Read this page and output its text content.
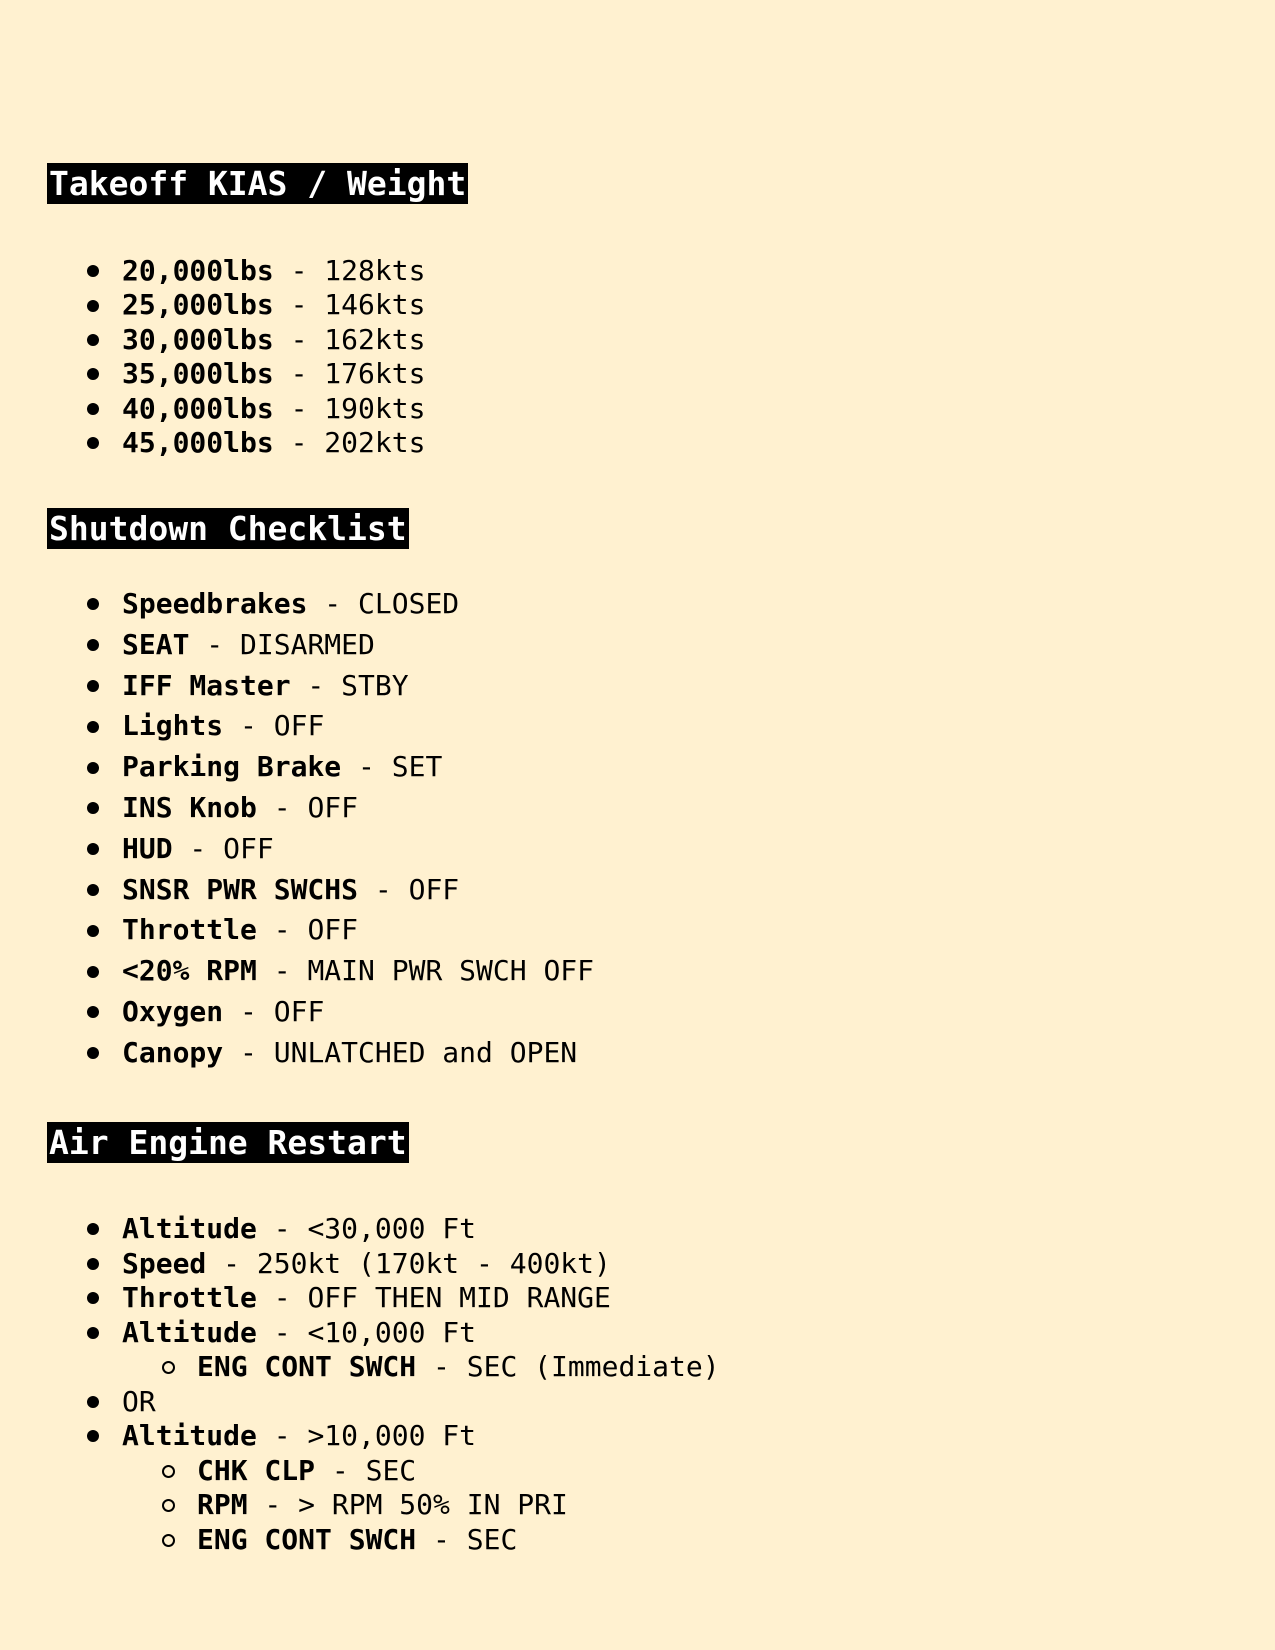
Takeoff KIAS / Weight
20,000lbs - 128kts
25,000lbs - 146kts
30,000lbs - 162kts
35,000lbs - 176kts
40,000lbs - 190kts
45,000lbs - 202kts
Shutdown Checklist
Speedbrakes - CLOSED
SEAT - DISARMED
IFF Master - STBY
Lights - OFF
Parking Brake - SET
INS Knob - OFF
HUD - OFF
SNSR PWR SWCHS - OFF
Throttle - OFF
<20% RPM - MAIN PWR SWCH OFF
Oxygen - OFF
Canopy - UNLATCHED and OPEN
Air Engine Restart
Altitude - <30,000 Ft
Speed - 250kt (170kt - 400kt)
Throttle - OFF THEN MID RANGE
Altitude - <10,000 Ft
ENG CONT SWCH - SEC (Immediate)
OR
Altitude - >10,000 Ft
CHK CLP - SEC
RPM - > RPM 50% IN PRI
ENG CONT SWCH - SEC
